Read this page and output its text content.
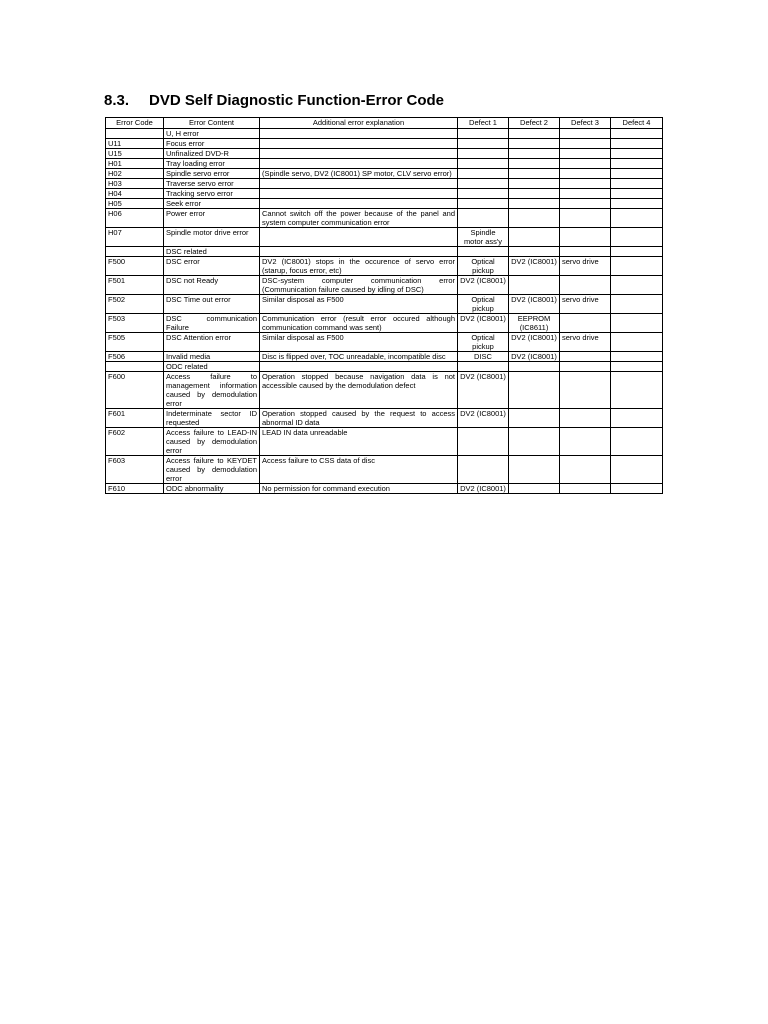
8.3. DVD Self Diagnostic Function-Error Code
Error Code	Error Content	Additional error explanation	Defect 1	Defect 2	Defect 3	Defect 4
	U, H error					
U11	Focus error					
U15	Unfinalized DVD-R					
H01	Tray loading error					
H02	Spindle servo error	(Spindle servo, DV2 (IC8001) SP motor, CLV servo error)				
H03	Traverse servo error					
H04	Tracking servo error					
H05	Seek error					
H06	Power error	Cannot switch off the power because of the panel and system computer communication error				
H07	Spindle motor drive error		Spindle motor ass'y			
	DSC related					
F500	DSC error	DV2 (IC8001) stops in the occurence of servo error (starup, focus error, etc)	Optical pickup	DV2 (IC8001)	servo drive	
F501	DSC not Ready	DSC-system computer communication error (Communication failure caused by idling of DSC)	DV2 (IC8001)			
F502	DSC Time out error	Similar disposal as F500	Optical pickup	DV2 (IC8001)	servo drive	
F503	DSC communication Failure	Communication error (result error occured although communication command was sent)	DV2 (IC8001)	EEPROM (IC8611)		
F505	DSC Attention error	Similar disposal as F500	Optical pickup	DV2 (IC8001)	servo drive	
F506	Invalid media	Disc is flipped over, TOC unreadable, incompatible disc	DISC	DV2 (IC8001)		
	ODC related					
F600	Access failure to management information caused by demodulation error	Operation stopped because navigation data is not accessible caused by the demodulation defect	DV2 (IC8001)			
F601	Indeterminate sector ID requested	Operation stopped caused by the request to access abnormal ID data	DV2 (IC8001)			
F602	Access failure to LEAD-IN caused by demodulation error	LEAD IN data unreadable				
F603	Access failure to KEYDET caused by demodulation error	Access failure to CSS data of disc				
F610	ODC abnormality	No permission for command execution	DV2 (IC8001)			
